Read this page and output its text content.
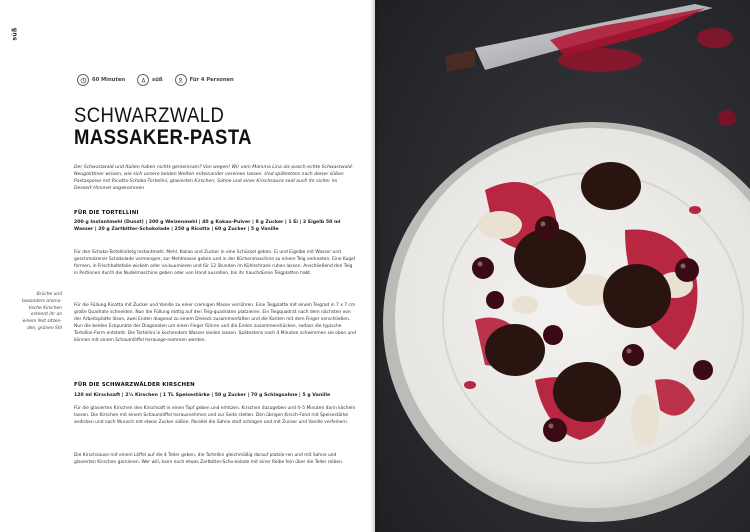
süß
60 Minuten	süß	Für 4 Personen
SCHWARZWALD
MASSAKER-PASTA
Der Schwarzwald und Italien haben nichts gemeinsam? Von wegen! Wir vom Mamma Lina als wasch-echte Schwarzwald-Neugolittiner wissen, wie sich unsere beiden Welten miteinander vereinen lassen. Und spätestens nach dieser süßen Pastaspeise mit Ricotta-Schoko-Tortellini, glasierten Kirschen, Sahne und einer Kirschsauce seid auch ihr sicher im Dessert-Himmel angekommen
FÜR DIE TORTELLINI
200 g Instantmehl (Dunst) | 200 g Weizenmehl | 40 g Kakao-Pulver | 8 g Zucker | 1 Ei | 2 Eigelb 50 ml Wasser | 20 g Zartbitter-Schokolade | 250 g Ricotta | 60 g Zucker | 5 g Vanille
Für den Schoko-Tortellinitelg Instantmehl, Mehl, Kakao und Zucker in eine Schüssel geben. Ei und Eigelbe mit Wasser und geschmolzener Schokolade vermengen, zur Mehlmasse geben und in der Küchenmaschine zu einem Teig verkneten. Eine Kugel formen, in Frischhaltefolie wickeln oder va-kuumieren und für 12 Stunden im Kühlschrank ruhen lassen. Anschließend den Teig in Portionen durch die Nudelmaschine geben oder von Hand ausrollen, bis ihr hauchdünne Teigplatten habt.
Für die Füllung Ricotta mit Zucker und Vanille zu einer cremigen Masse verrühren. Eine Teigplatte mit einem Teigrad in 7 x 7 cm große Quadrate schneiden. Nun die Füllung mittig auf den Teig-quadraten platzieren. Ein Teigquadrat nach dem nächsten von der Arbeitsplatte lösen, zwei Enden diagonal zu einem Dreieck zusammenfalten und die Kanten mit dem Finger verschließen. Nun die beiden Eckpunkte der Diagonalen um einen Finger führen und die Enden zusammendrücken, sodass die typische Tortellini-Form entsteht. Die Tortellini in kochendem Wasser sieden lassen. Spätestens nach 4 Minuten schwimmen sie oben und können mit einem Schaumlöffel herausge-nommen werden.
Brüche und besonders aroma-tische Kirschen erkennt ihr an einem fest sitzen-den, grünen Stil
FÜR DIE SCHWARZWÄLDER KIRSCHEN
120 ml Kirschsaft | 2½ Kirschen | 1 TL Speisestärke | 50 g Zucker | 70 g Schlagsahne | 5 g Vanille
Für die glasierten Kirschen den Kirschsaft in einen Topf geben und erhitzen. Kirschen dazugeben und 4–5 Minuten darin köcheln lassen. Die Kirschen mit einem Schaumlöffel herausnehmen und zur Seite stellen. Den übrigen Kirsch-Fond mit Speisestärke andicken und nach Wunsch mit etwas Zucker süßen. Parallel die Sahne steif schlagen und mit Zucker und Vanille verfeinern.
Die Kirschsauce mit einem Löffel auf die 4 Teller geben, die Tortellini gleichmäßig darauf platzie-ren und mit Sahne und glasierten Kirschen garnieren. Wer will, kann noch etwas Zartbitter-Scho-kolade mit einer Reibe fein über die Teller reiben.
